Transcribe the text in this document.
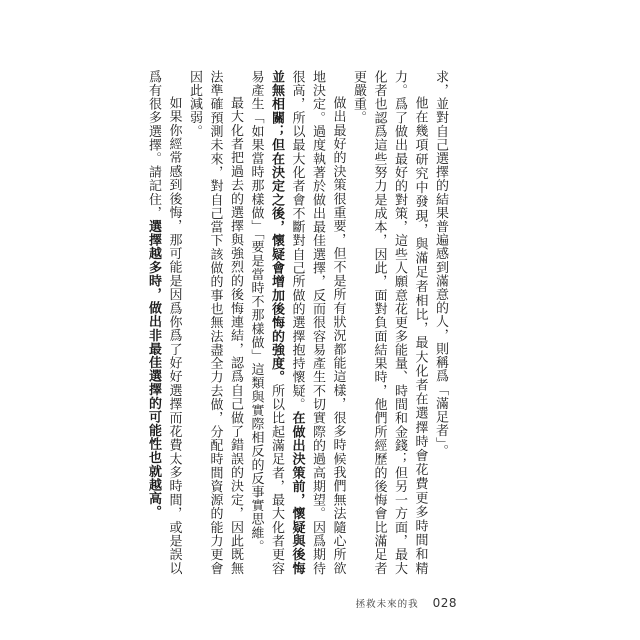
求，並對自己選擇的結果普遍感到滿意的人，則稱爲「滿足者」。

他在幾項研究中發現，與滿足者相比，最大化者在選擇時會花費更多時間和精力。爲了做出最好的對策，這些人願意花更多能量、時間和金錢；但另一方面，最大化者也認爲這些努力是成本，因此，面對負面結果時，他們所經歷的後悔會比滿足者更嚴重。

做出最好的決策很重要，但不是所有狀況都能這樣，很多時候我們無法隨心所欲地決定。過度執著於做出最佳選擇，反而很容易產生不切實際的過高期望。因爲期待很高，所以最大化者會不斷對自己所做的選擇抱持懷疑。在做出決策前，懷疑與後悔並無相關；但在決定之後，懷疑會增加後悔的強度。所以比起滿足者，最大化者更容易產生「如果當時那樣做」「要是當時不那樣做」這類與實際相反的反事實思維。

最大化者把過去的選擇與強烈的後悔連結，認爲自己做了錯誤的決定，因此既無法準確預測未來，對自己當下該做的事也無法盡全力去做，分配時間資源的能力更會因此減弱。

如果你經常感到後悔，那可能是因爲你爲了好好選擇而花費太多時間，或是誤以爲有很多選擇。請記住，選擇越多時，做出非最佳選擇的可能性也就越高。

拯救未來的我 028
